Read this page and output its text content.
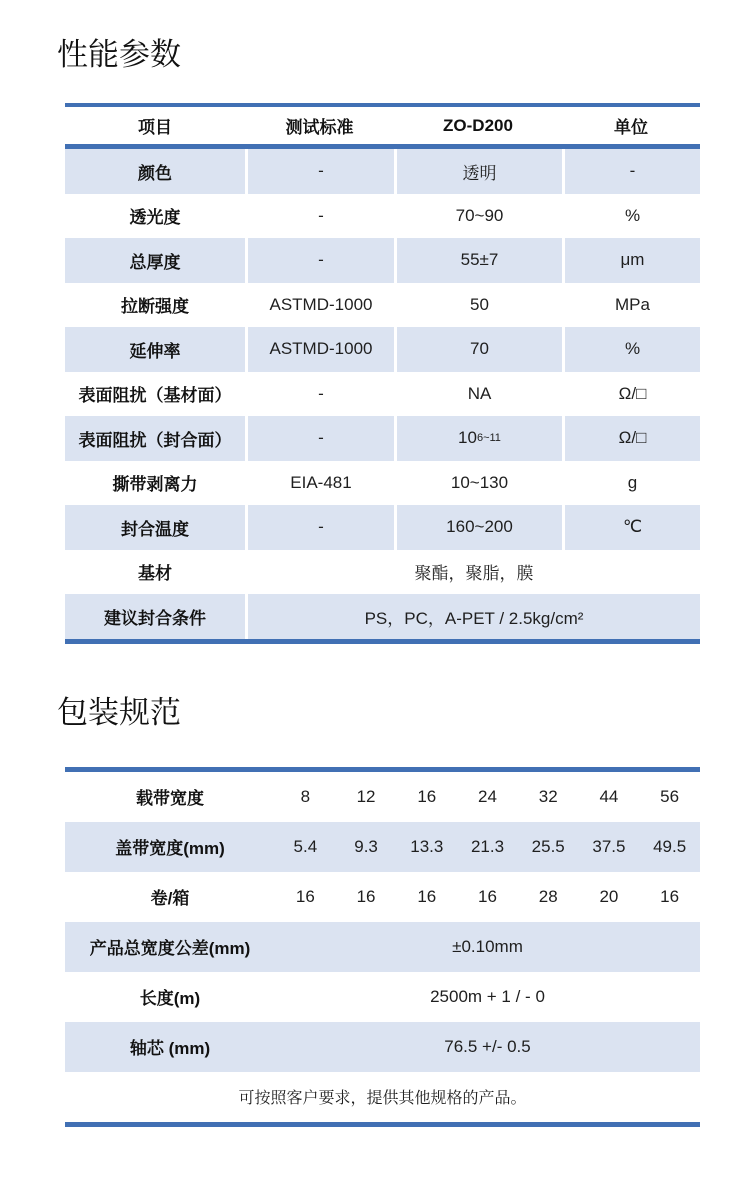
性能参数
项目	测试标准	ZO-D200	单位
颜色	-	透明	-
透光度	-	70~90	%
总厚度	-	55±7	μm
拉断强度	ASTMD-1000	50	MPa
延伸率	ASTMD-1000	70	%
表面阻扰（基材面）	-	NA	Ω/□
表面阻扰（封合面）	-	10 6~11	Ω/□
撕带剥离力	EIA-481	10~130	g
封合温度	-	160~200	℃
基材	聚酯，聚脂，膜
建议封合条件	PS，PC，A-PET / 2.5kg/cm²
包装规范
载带宽度	8	12	16	24	32	44	56
盖带宽度(mm)	5.4	9.3	13.3	21.3	25.5	37.5	49.5
卷/箱	16	16	16	16	28	20	16
产品总宽度公差(mm)	±0.10mm
长度(m)	2500m + 1 / - 0
轴芯 (mm)	76.5 +/- 0.5
可按照客户要求，提供其他规格的产品。
